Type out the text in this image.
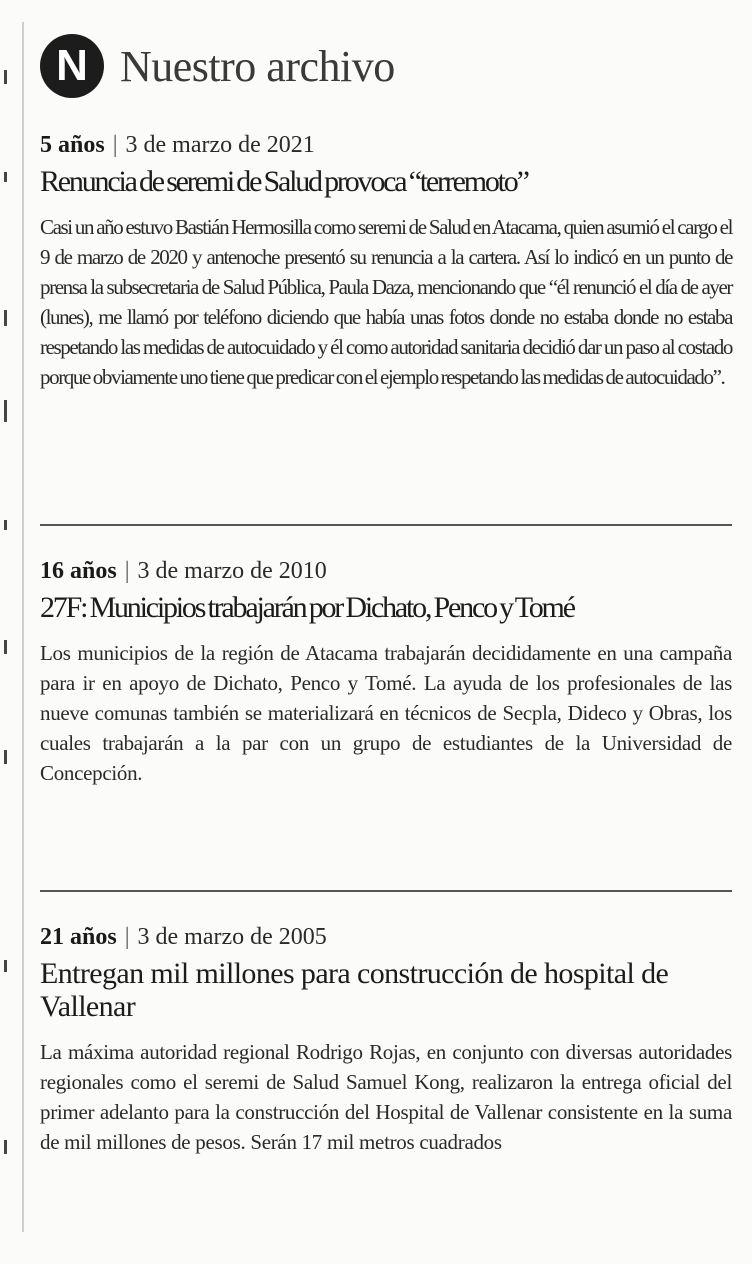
N Nuestro archivo
5 años | 3 de marzo de 2021
Renuncia de seremi de Salud provoca “terremoto”
Casi un año estuvo Bastián Hermosilla como seremi de Salud en Atacama, quien asumió el cargo el 9 de marzo de 2020 y antenoche presentó su renuncia a la cartera. Así lo indicó en un punto de prensa la subsecretaria de Salud Pública, Paula Daza, mencionando que “él renunció el día de ayer (lunes), me llamó por teléfono diciendo que había unas fotos donde no estaba donde no estaba respetando las medidas de autocuidado y él como autoridad sanitaria decidió dar un paso al costado porque obviamente uno tiene que predicar con el ejemplo respetando las medidas de autocuidado”.
16 años | 3 de marzo de 2010
27F: Municipios trabajarán por Dichato, Penco y Tomé
Los municipios de la región de Atacama trabajarán decididamente en una campaña para ir en apoyo de Dichato, Penco y Tomé. La ayuda de los profesionales de las nueve comunas también se materializará en técnicos de Secpla, Dideco y Obras, los cuales trabajarán a la par con un grupo de estudiantes de la Universidad de Concepción.
21 años | 3 de marzo de 2005
Entregan mil millones para construcción de hospital de Vallenar
La máxima autoridad regional Rodrigo Rojas, en conjunto con diversas autoridades regionales como el seremi de Salud Samuel Kong, realizaron la entrega oficial del primer adelanto para la construcción del Hospital de Vallenar consistente en la suma de mil millones de pesos. Serán 17 mil metros cuadrados
